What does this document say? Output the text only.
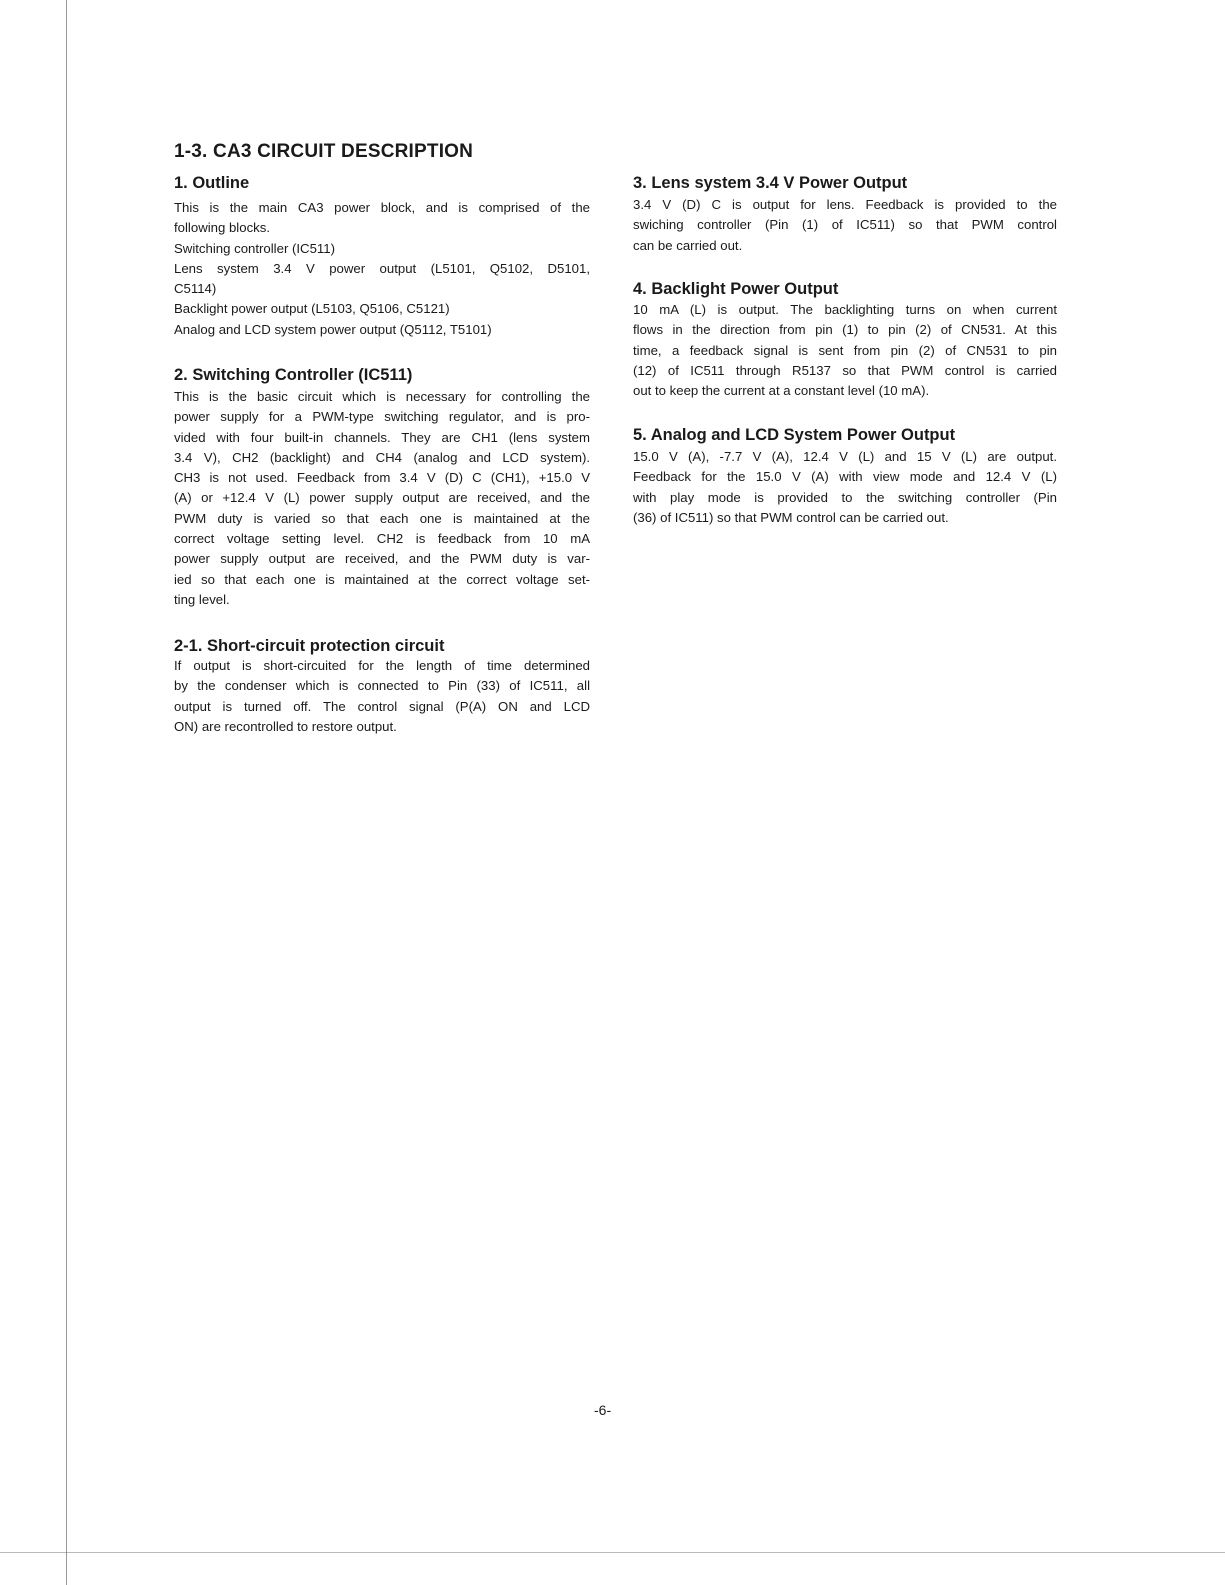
1-3. CA3 CIRCUIT DESCRIPTION
1. Outline
This is the main CA3 power block, and is comprised of the
following blocks.
Switching controller (IC511)
Lens system 3.4 V power output (L5101, Q5102, D5101,
C5114)
Backlight power output (L5103, Q5106, C5121)
Analog and LCD system power output (Q5112, T5101)
2. Switching Controller (IC511)
This is the basic circuit which is necessary for controlling the
power supply for a PWM-type switching regulator, and is pro-
vided with four built-in channels. They are CH1 (lens system
3.4 V), CH2 (backlight) and CH4 (analog and LCD system).
CH3 is not used. Feedback from 3.4 V (D) C (CH1), +15.0 V
(A) or +12.4 V (L) power supply output are received, and the
PWM duty is varied so that each one is maintained at the
correct voltage setting level. CH2 is feedback from 10 mA
power supply output are received, and the PWM duty is var-
ied so that each one is maintained at the correct voltage set-
ting level.
2-1. Short-circuit protection circuit
If output is short-circuited for the length of time determined
by the condenser which is connected to Pin (33) of IC511, all
output is turned off. The control signal (P(A) ON and LCD
ON) are recontrolled to restore output.
3. Lens system 3.4 V Power Output
3.4 V (D) C is output for lens. Feedback is provided to the
swiching controller (Pin (1) of IC511) so that PWM control
can be carried out.
4. Backlight Power Output
10 mA (L) is output. The backlighting turns on when current
flows in the direction from pin (1) to pin (2) of CN531. At this
time, a feedback signal is sent from pin (2) of CN531 to pin
(12) of IC511 through R5137 so that PWM control is carried
out to keep the current at a constant level (10 mA).
5. Analog and LCD System Power Output
15.0 V (A), -7.7 V (A), 12.4 V (L) and 15 V (L) are output.
Feedback for the 15.0 V (A) with view mode and 12.4 V (L)
with play mode is provided to the switching controller (Pin
(36) of IC511) so that PWM control can be carried out.
-6-
